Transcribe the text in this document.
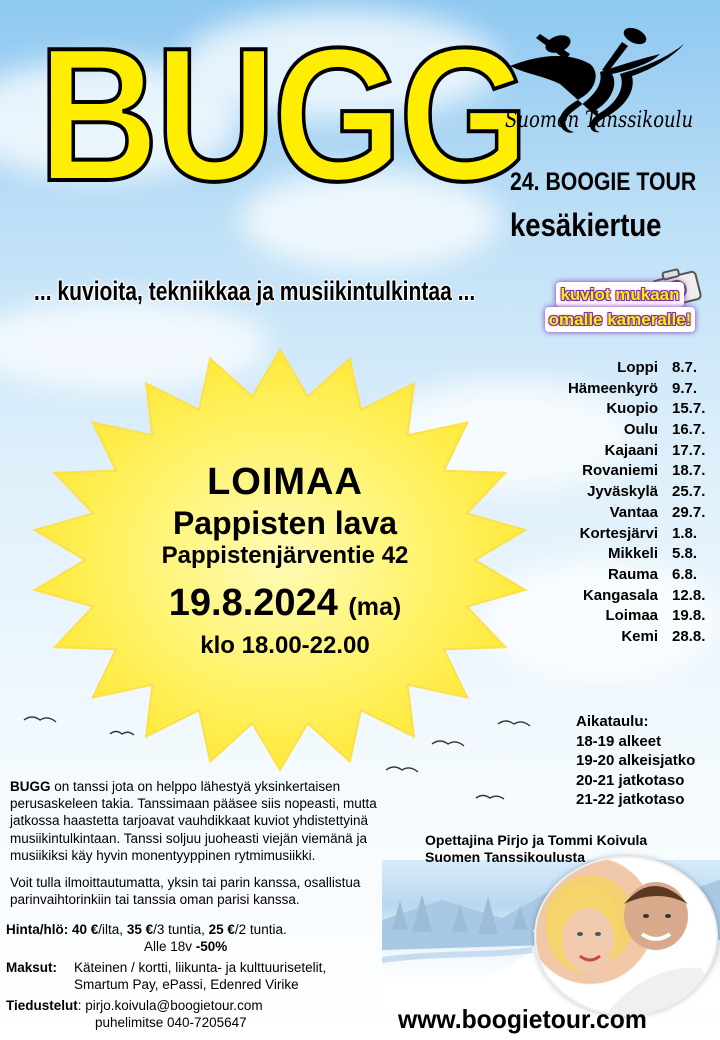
BUGG
... kuvioita, tekniikkaa ja musiikintulkintaa ...
Suomen Tanssikoulu
24. BOOGIE TOUR
kesäkiertue
kuviot mukaan
omalle kameralle!
LOIMAA
Pappisten lava
Pappistenjärventie 42
19.8.2024 (ma)
klo 18.00-22.00
Loppi 8.7.
Hämeenkyrö 9.7.
Kuopio 15.7.
Oulu 16.7.
Kajaani 17.7.
Rovaniemi 18.7.
Jyväskylä 25.7.
Vantaa 29.7.
Kortesjärvi 1.8.
Mikkeli 5.8.
Rauma 6.8.
Kangasala 12.8.
Loimaa 19.8.
Kemi 28.8.
Aikataulu:
18-19 alkeet
19-20 alkeisjatko
20-21 jatkotaso
21-22 jatkotaso

BUGG on tanssi jota on helppo lähestyä yksinkertaisen perusaskeleen takia. Tanssimaan pääsee siis nopeasti, mutta jatkossa haastetta tarjoavat vauhdikkaat kuviot yhdistettyinä musiikintulkintaan. Tanssi soljuu juoheasti viejän viemänä ja musiikiksi käy hyvin monentyyppinen rytmimusiikki.

Voit tulla ilmoittautumatta, yksin tai parin kanssa, osallistua parinvaihtorinkiin tai tanssia oman parisi kanssa.

Opettajina Pirjo ja Tommi Koivula
Suomen Tanssikoulusta
Hinta/hlö:
40 €/ilta, 35 €/3 tuntia, 25 €/2 tuntia.
Alle 18v -50%
Maksut:	Käteinen / kortti, liikunta- ja kulttuurisetelit,
Smartum Pay, ePassi, Edenred Virike
Tiedustelut: pirjo.koivula@boogietour.com
puhelimitse 040-7205647	www.boogietour.com
